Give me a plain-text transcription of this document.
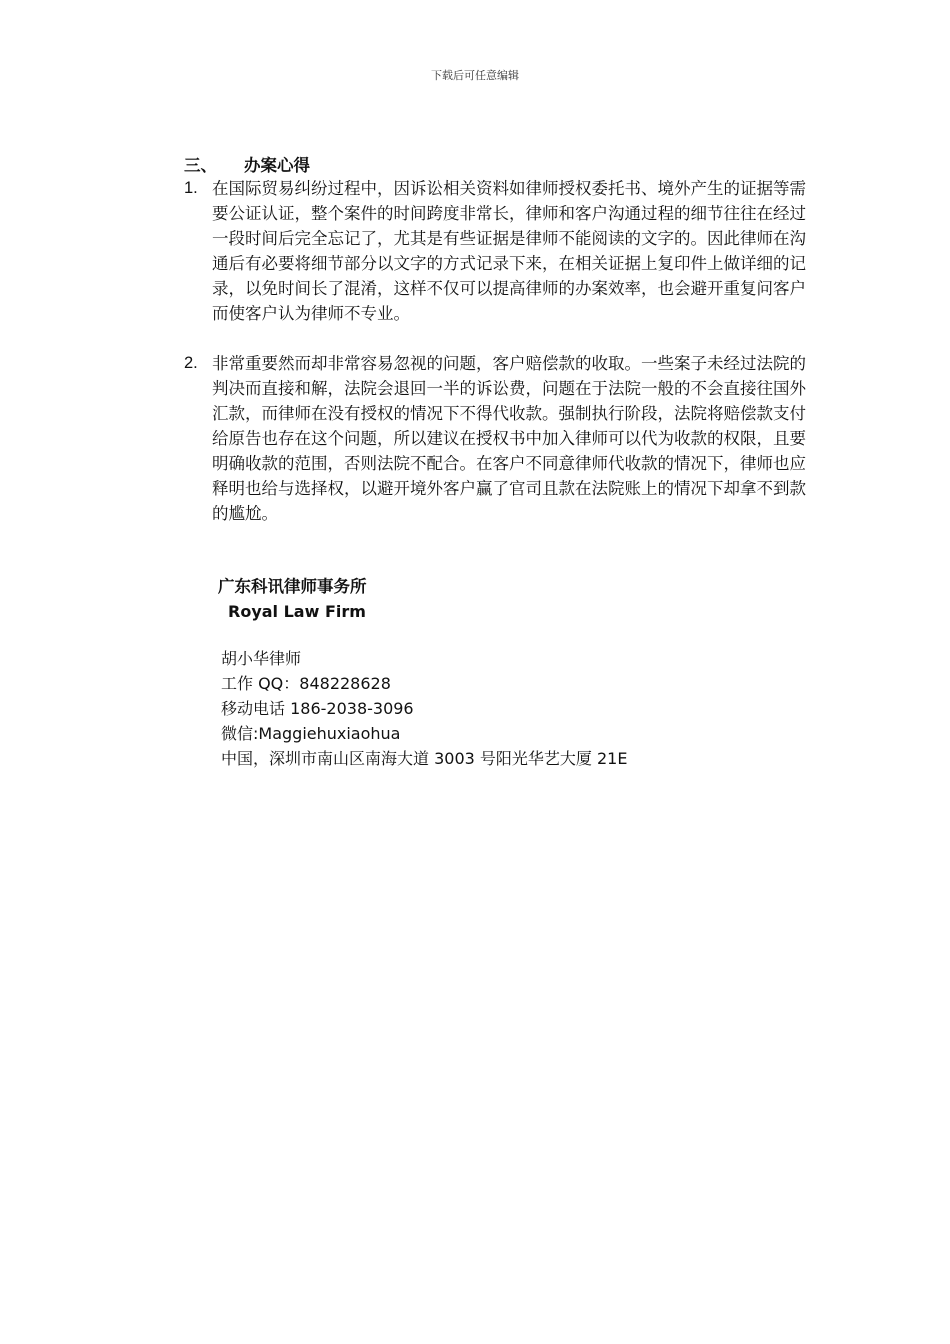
下载后可任意编辑
三、 办案心得
1. 在国际贸易纠纷过程中，因诉讼相关资料如律师授权委托书、境外产生的证据等需要公证认证，整个案件的时间跨度非常长，律师和客户沟通过程的细节往往在经过一段时间后完全忘记了，尤其是有些证据是律师不能阅读的文字的。因此律师在沟通后有必要将细节部分以文字的方式记录下来，在相关证据上复印件上做详细的记录，以免时间长了混淆，这样不仅可以提高律师的办案效率，也会避开重复问客户而使客户认为律师不专业。
2. 非常重要然而却非常容易忽视的问题，客户赔偿款的收取。一些案子未经过法院的判决而直接和解，法院会退回一半的诉讼费，问题在于法院一般的不会直接往国外汇款，而律师在没有授权的情况下不得代收款。强制执行阶段，法院将赔偿款支付给原告也存在这个问题，所以建议在授权书中加入律师可以代为收款的权限，且要明确收款的范围，否则法院不配合。在客户不同意律师代收款的情况下，律师也应释明也给与选择权，以避开境外客户赢了官司且款在法院账上的情况下却拿不到款的尴尬。
广东科讯律师事务所
Royal Law Firm
胡小华律师
工作 QQ：848228628
移动电话 186-2038-3096
微信:Maggiehuxiaohua
中国，深圳市南山区南海大道 3003 号阳光华艺大厦 21E
